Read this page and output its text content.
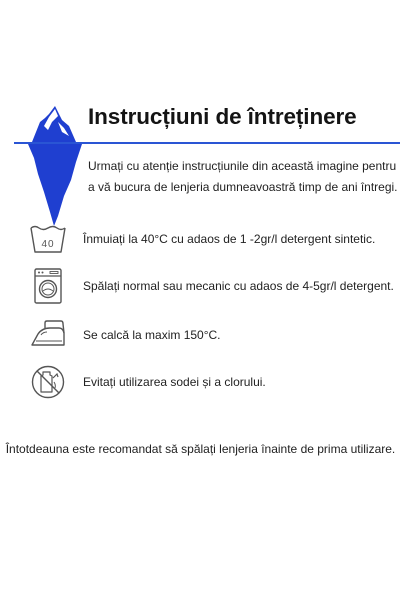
Instrucțiuni de întreținere
Urmați cu atenție instrucțiunile din această imagine pentru a vă bucura de lenjeria dumneavoastră timp de ani întregi.
40 Înmuiați la 40°C cu adaos de 1 -2gr/l detergent sintetic.
Spălați normal sau mecanic cu adaos de 4-5gr/l detergent.
Se calcă la maxim 150°C.
Evitați utilizarea sodei și a clorului.
Întotdeauna este recomandat să spălați lenjeria înainte de prima utilizare.
